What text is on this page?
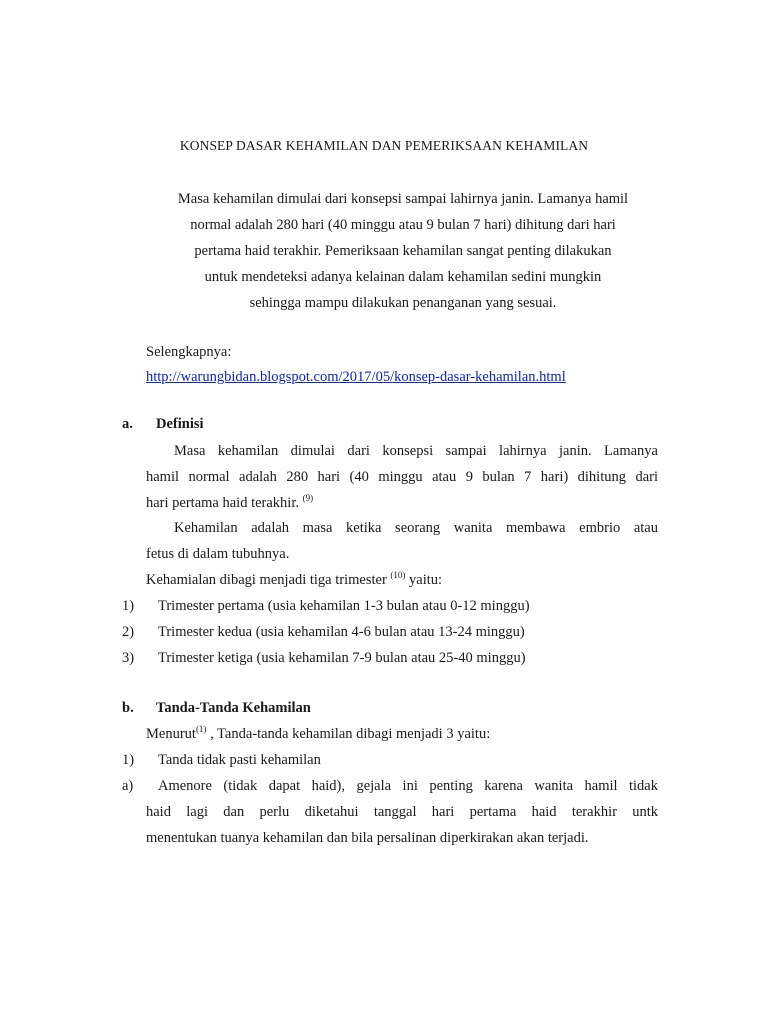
KONSEP DASAR KEHAMILAN DAN PEMERIKSAAN KEHAMILAN
Masa kehamilan dimulai dari konsepsi sampai lahirnya janin. Lamanya hamil
normal adalah 280 hari (40 minggu atau 9 bulan 7 hari) dihitung dari hari
pertama haid terakhir. Pemeriksaan kehamilan sangat penting dilakukan
untuk mendeteksi adanya kelainan dalam kehamilan sedini mungkin
sehingga mampu dilakukan penanganan yang sesuai.
Selengkapnya:
http://warungbidan.blogspot.com/2017/05/konsep-dasar-kehamilan.html
a. Definisi
Masa kehamilan dimulai dari konsepsi sampai lahirnya janin. Lamanya
hamil normal adalah 280 hari (40 minggu atau 9 bulan 7 hari) dihitung dari
hari pertama haid terakhir. $^{(9)}$
Kehamilan adalah masa ketika seorang wanita membawa embrio atau
fetus di dalam tubuhnya.
Kehamialan dibagi menjadi tiga trimester $^{(10)}$ yaitu:
1) Trimester pertama (usia kehamilan 1-3 bulan atau 0-12 minggu)
2) Trimester kedua (usia kehamilan 4-6 bulan atau 13-24 minggu)
3) Trimester ketiga (usia kehamilan 7-9 bulan atau 25-40 minggu)
b. Tanda-Tanda Kehamilan
Menurut$^{(1)}$ , Tanda-tanda kehamilan dibagi menjadi 3 yaitu:
1) Tanda tidak pasti kehamilan
a) Amenore (tidak dapat haid), gejala ini penting karena wanita hamil tidak
haid lagi dan perlu diketahui tanggal hari pertama haid terakhir untk
menentukan tuanya kehamilan dan bila persalinan diperkirakan akan terjadi.
